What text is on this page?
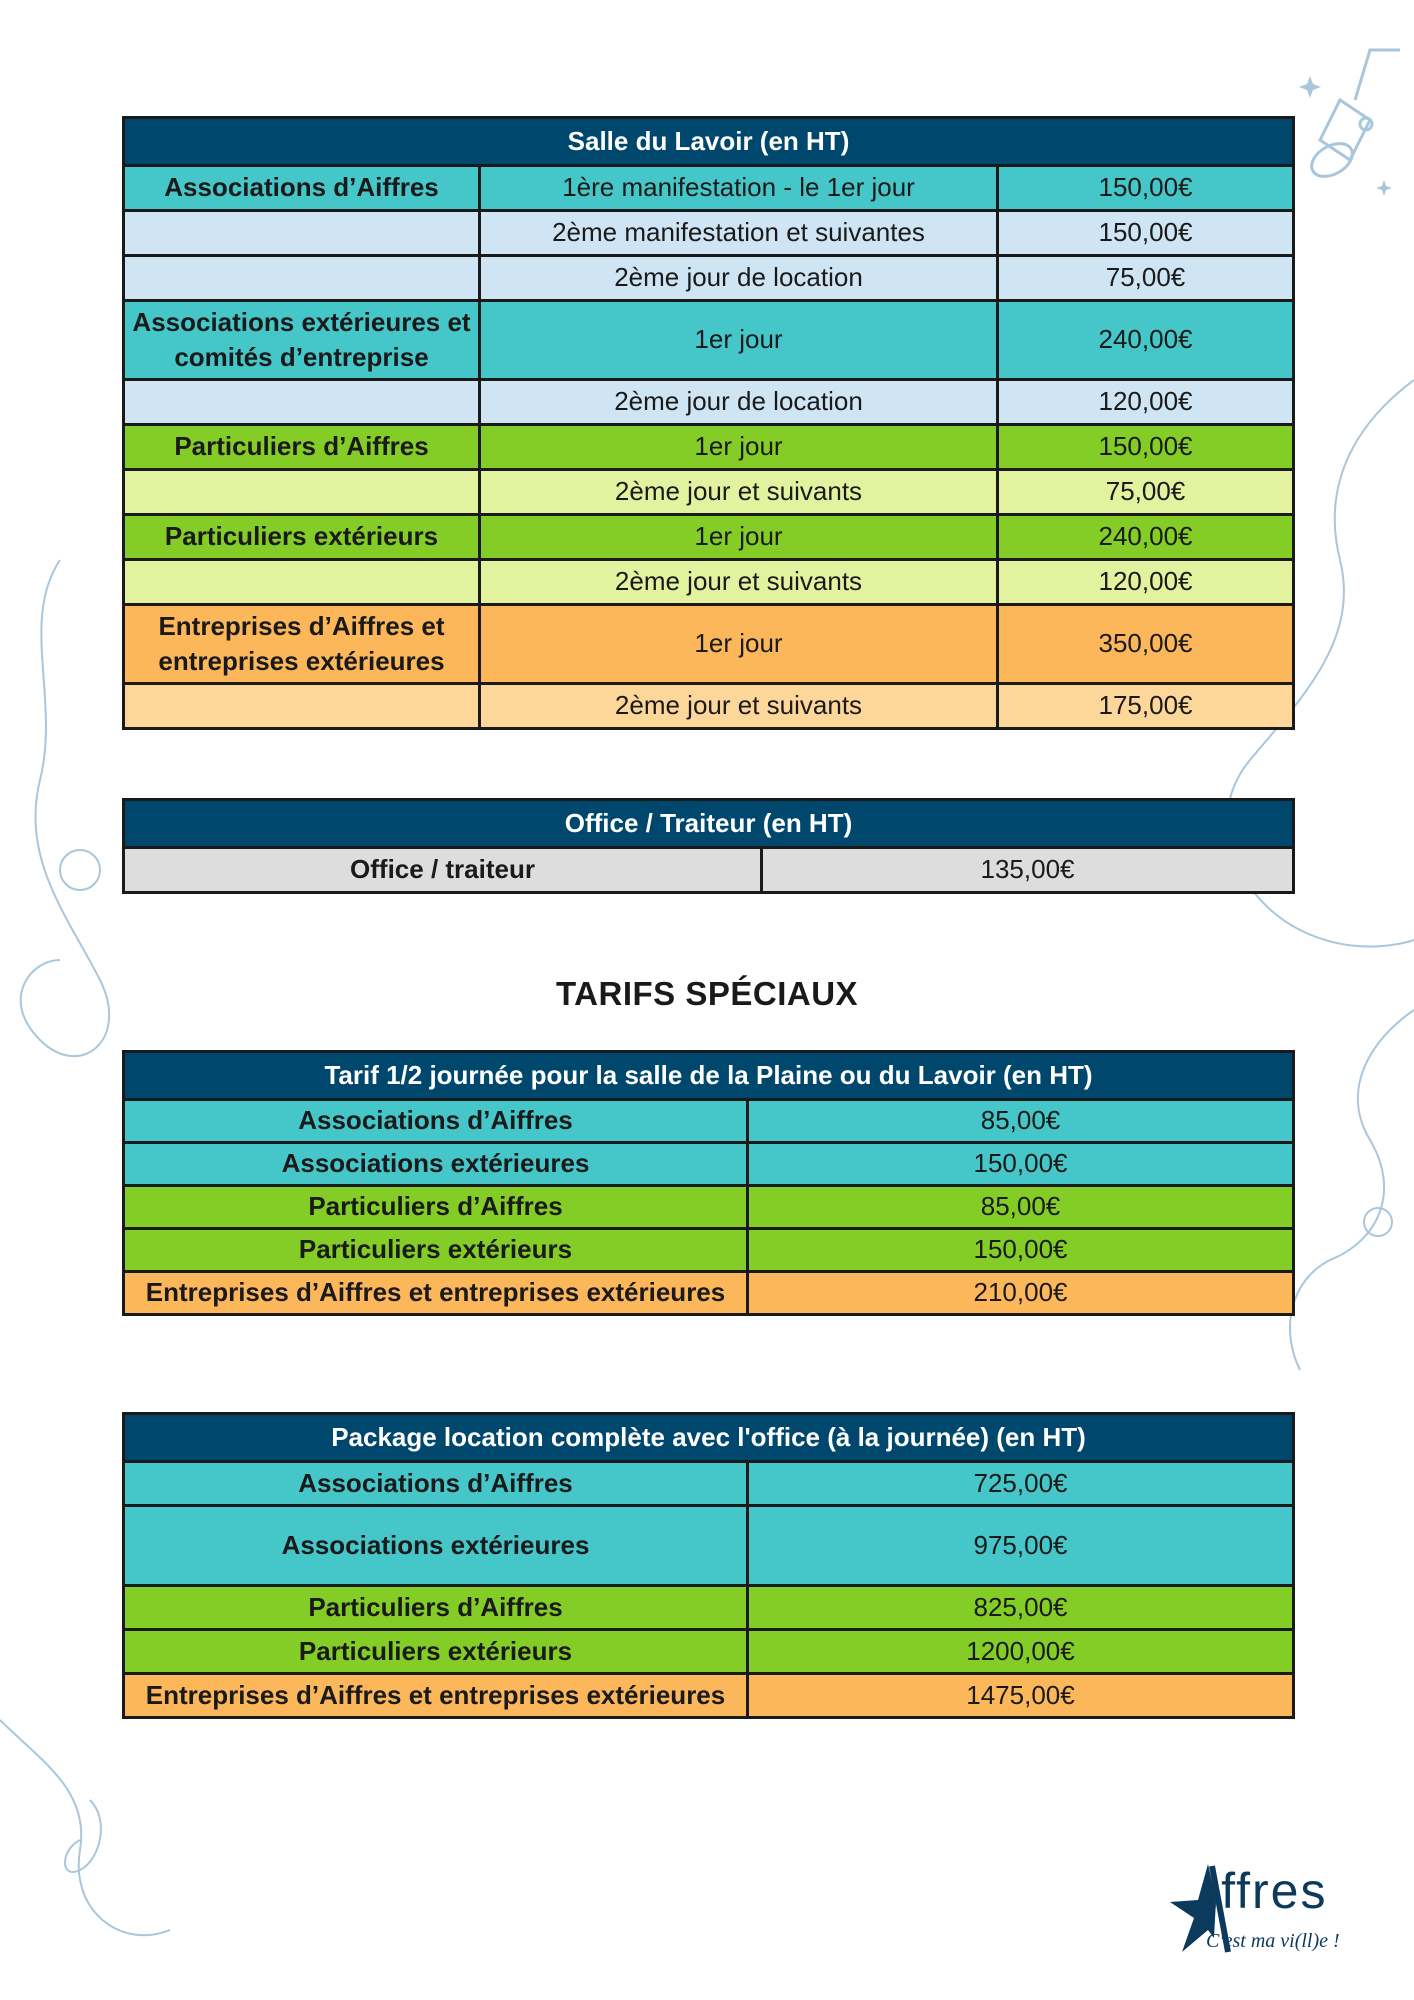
Salle du Lavoir (en HT)		
Associations d’Aiffres	1ère manifestation - le 1er jour	150,00€
	2ème manifestation et suivantes	150,00€
	2ème jour de location	75,00€
Associations extérieures et comités d’entreprise	1er jour	240,00€
	2ème jour de location	120,00€
Particuliers d’Aiffres	1er jour	150,00€
	2ème jour et suivants	75,00€
Particuliers extérieurs	1er jour	240,00€
	2ème jour et suivants	120,00€
Entreprises d’Aiffres et entreprises extérieures	1er jour	350,00€
	2ème jour et suivants	175,00€
Office / Traiteur (en HT)
Office / traiteur	135,00€
TARIFS SPÉCIAUX
Tarif 1/2 journée pour la salle de la Plaine ou du Lavoir (en HT)	
Associations d’Aiffres	85,00€
Associations extérieures	150,00€
Particuliers d’Aiffres	85,00€
Particuliers extérieurs	150,00€
Entreprises d’Aiffres et entreprises extérieures	210,00€
Package location complète avec l'office (à la journée) (en HT)	
Associations d’Aiffres	725,00€
Associations extérieures	975,00€
Particuliers d’Aiffres	825,00€
Particuliers extérieurs	1200,00€
Entreprises d’Aiffres et entreprises extérieures	1475,00€
iffres
C'est ma vi(ll)e !
